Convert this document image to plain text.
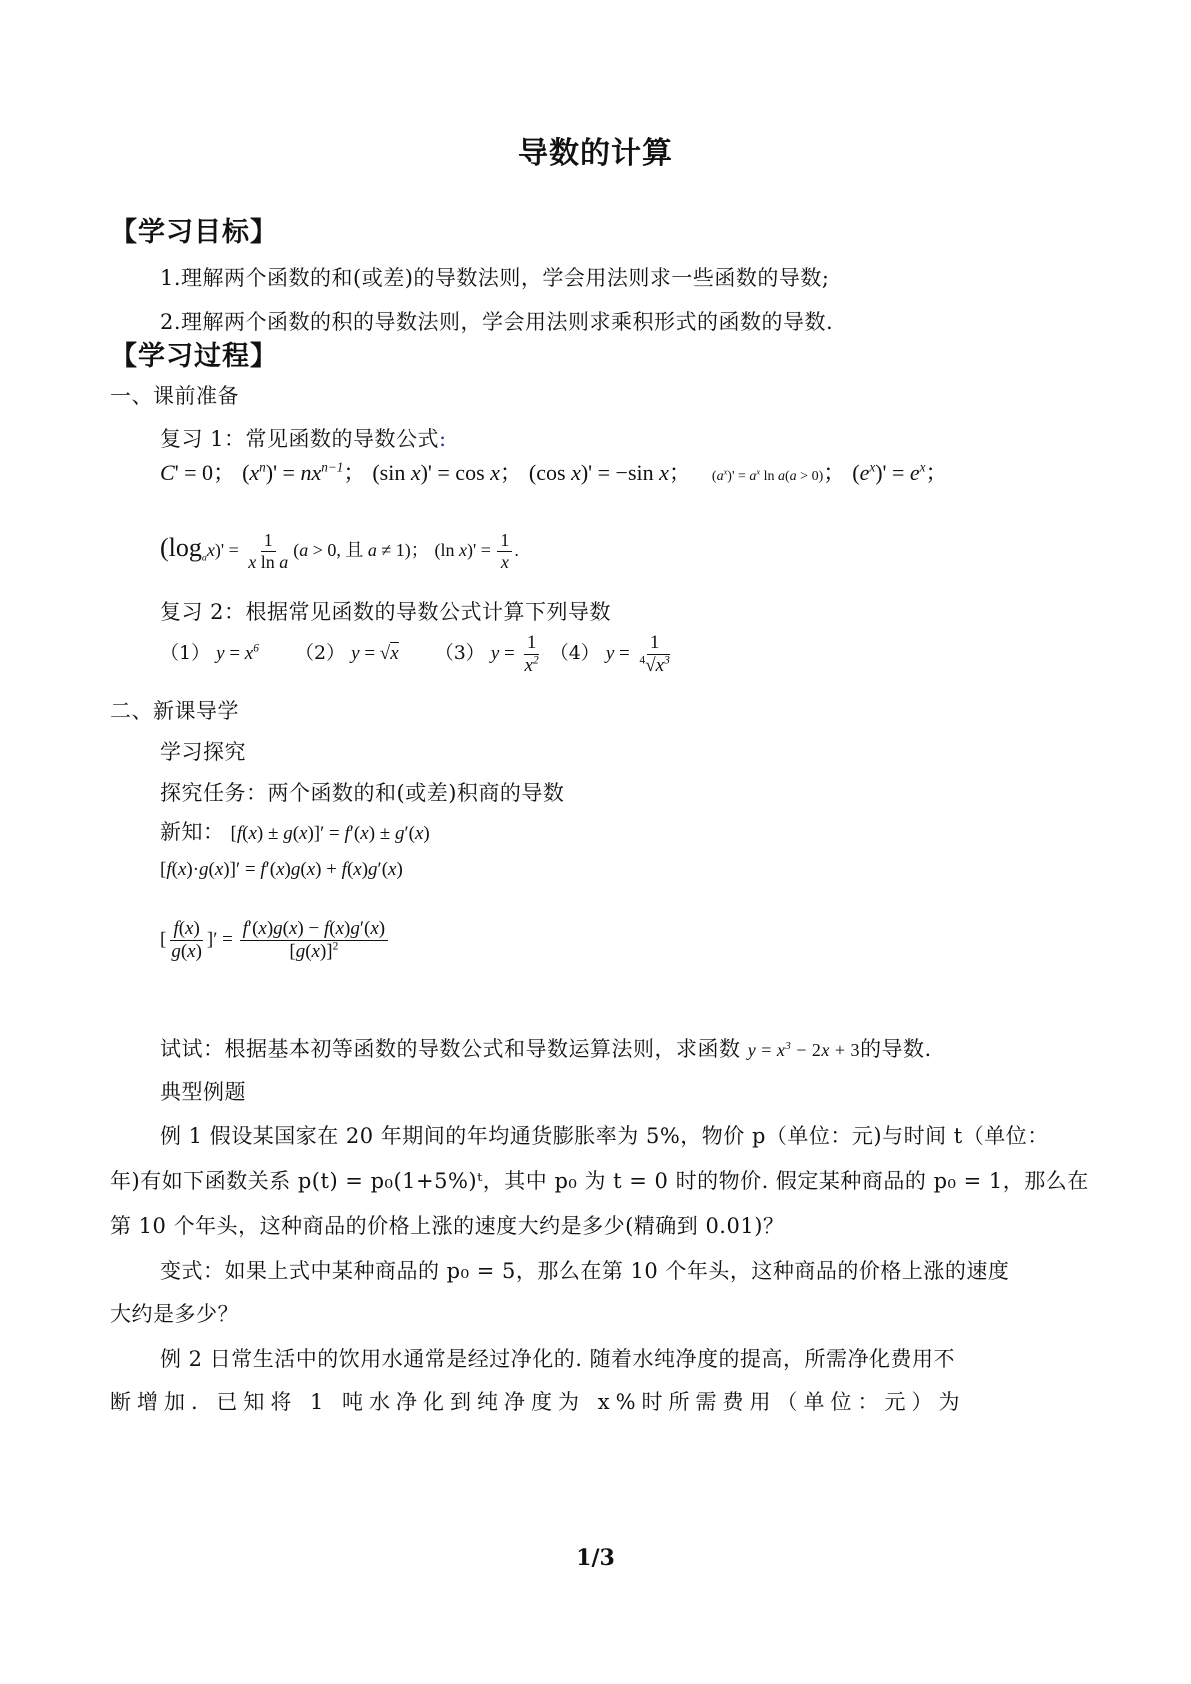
导数的计算
【学习目标】
1.理解两个函数的和(或差)的导数法则，学会用法则求一些函数的导数;
2.理解两个函数的积的导数法则，学会用法则求乘积形式的函数的导数.
【学习过程】
一、课前准备
复习 1：常见函数的导数公式:
C' = 0； $(x^n)' = nx^{n-1}$； (sin x)' = cos x； (cos x)' = −sin x； $(a^x)' = a^x$ ln a(a > 0)； $(e^x)' = e^x$；
$(\log_ax)' = \frac{1}{\text{x ln a}} (a > 0$, 且 a ≠ 1)； (ln $x)' = \frac{1}{x}$ .
复习 2：根据常见函数的导数公式计算下列导数
（1） $y = x^6$ （2） y = √x （3） $y = \frac{1}{x^2} (4) y = \frac{1}{^4√x^3}$
二、新课导学
学习探究
探究任务：两个函数的和(或差)积商的导数
新知： [f(x) ± g(x)]′ = f′(x) ± g′(x)
[f(x)·g(x)]′ = f′(x)g(x) + f(x)g′(x)
[ $\frac{f(x)}{g(x)}$ ]′ = $\frac{f'(x)g(x) - f(x)g'(x)}{[g(x)]^2}$
试试：根据基本初等函数的导数公式和导数运算法则，求函数 $y = x^3 - 2x + 3$的导数.
典型例题
例 1 假设某国家在 20 年期间的年均通货膨胀率为 5%，物价 p（单位：元)与时间 t（单位：
年)有如下函数关系 p(t) = p₀(1+5%)ᵗ，其中 p₀ 为 t = 0 时的物价. 假定某种商品的 p₀ = 1，那么在
第 10 个年头，这种商品的价格上涨的速度大约是多少(精确到 0.01)？
变式：如果上式中某种商品的 p₀ = 5，那么在第 10 个年头，这种商品的价格上涨的速度
大约是多少？
例 2 日常生活中的饮用水通常是经过净化的. 随着水纯净度的提高，所需净化费用不
断增加. 已知将 1 吨水净化到纯净度为 x%时所需费用（单位：元）为
1/3
